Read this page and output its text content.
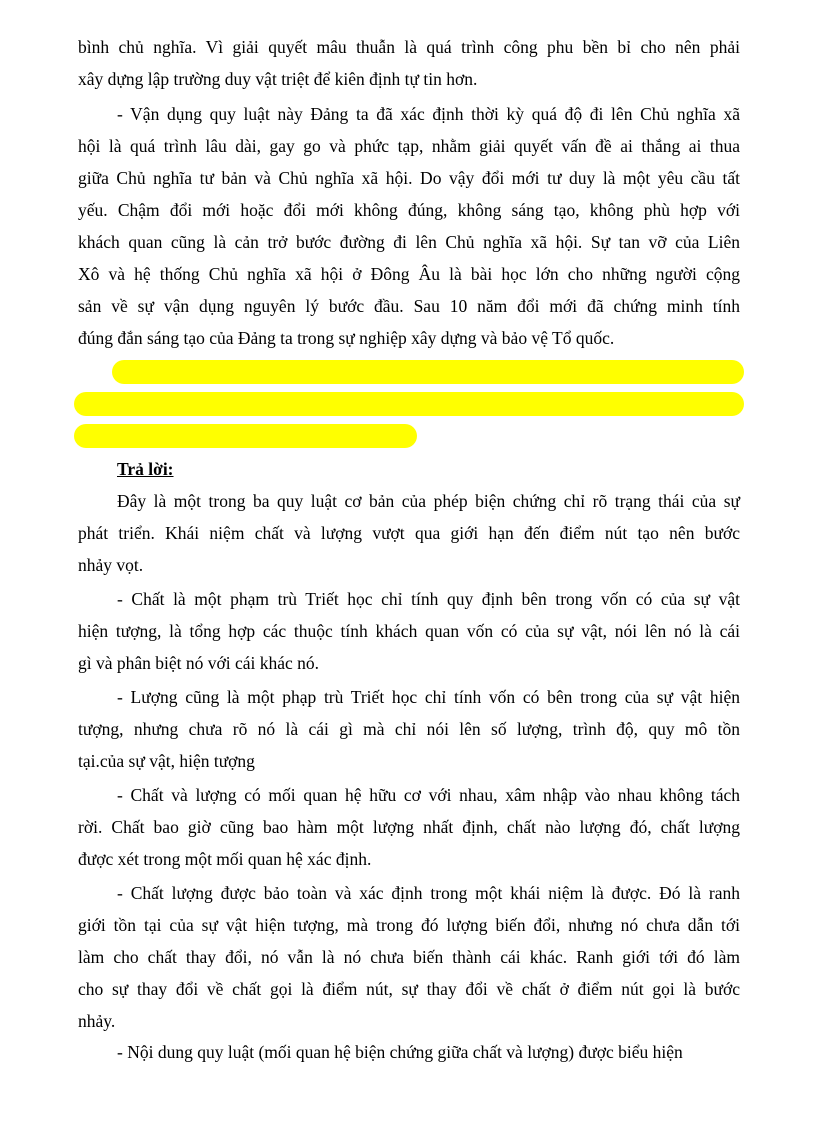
bình chủ nghĩa. Vì giải quyết mâu thuẫn là quá trình công phu bền bỉ cho nên phải
xây dựng lập trường duy vật triệt để kiên định tự tin hơn.
- Vận dụng quy luật này Đảng ta đã xác định thời kỳ quá độ đi lên Chủ nghĩa xã
hội là quá trình lâu dài, gay go và phức tạp, nhằm giải quyết vấn đề ai thắng ai thua
giữa Chủ nghĩa tư bản và Chủ nghĩa xã hội. Do vậy đổi mới tư duy là một yêu cầu tất
yếu. Chậm đổi mới hoặc đổi mới không đúng, không sáng tạo, không phù hợp với
khách quan cũng là cản trở bước đường đi lên Chủ nghĩa xã hội. Sự tan vỡ của Liên
Xô và hệ thống Chủ nghĩa xã hội ở Đông Âu là bài học lớn cho những người cộng
sản về sự vận dụng nguyên lý bước đầu. Sau 10 năm đổi mới đã chứng minh tính
đúng đắn sáng tạo của Đảng ta trong sự nghiệp xây dựng và bảo vệ Tổ quốc.
Trả lời:
Đây là một trong ba quy luật cơ bản của phép biện chứng chỉ rõ trạng thái của sự
phát triển. Khái niệm chất và lượng vượt qua giới hạn đến điểm nút tạo nên bước
nhảy vọt.
- Chất là một phạm trù Triết học chỉ tính quy định bên trong vốn có của sự vật
hiện tượng, là tổng hợp các thuộc tính khách quan vốn có của sự vật, nói lên nó là cái
gì và phân biệt nó với cái khác nó.
- Lượng cũng là một phạp trù Triết học chỉ tính vốn có bên trong của sự vật hiện
tượng, nhưng chưa rõ nó là cái gì mà chỉ nói lên số lượng, trình độ, quy mô tồn
tại.của sự vật, hiện tượng
- Chất và lượng có mối quan hệ hữu cơ với nhau, xâm nhập vào nhau không tách
rời. Chất bao giờ cũng bao hàm một lượng nhất định, chất nào lượng đó, chất lượng
được xét trong một mối quan hệ xác định.
- Chất lượng được bảo toàn và xác định trong một khái niệm là được. Đó là ranh
giới tồn tại của sự vật hiện tượng, mà trong đó lượng biến đổi, nhưng nó chưa dẫn tới
làm cho chất thay đổi, nó vẫn là nó chưa biến thành cái khác. Ranh giới tới đó làm
cho sự thay đổi về chất gọi là điểm nút, sự thay đổi về chất ở điểm nút gọi là bước
nhảy.
- Nội dung quy luật (mối quan hệ biện chứng giữa chất và lượng) được biểu hiện
